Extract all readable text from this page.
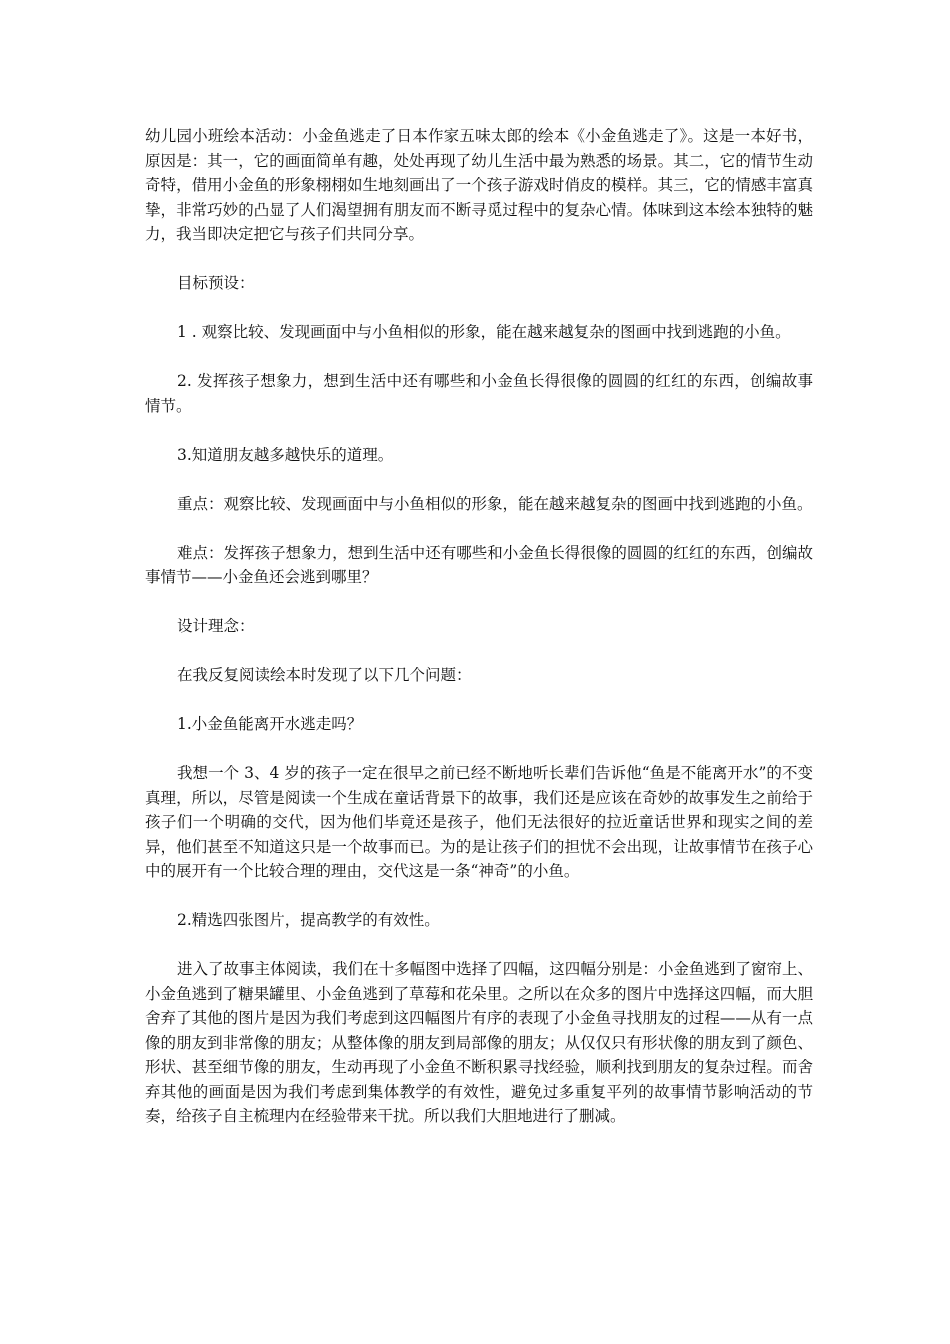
幼儿园小班绘本活动：小金鱼逃走了日本作家五味太郎的绘本《小金鱼逃走了》。这是一本好书，原因是：其一，它的画面简单有趣，处处再现了幼儿生活中最为熟悉的场景。其二，它的情节生动奇特，借用小金鱼的形象栩栩如生地刻画出了一个孩子游戏时俏皮的模样。其三，它的情感丰富真挚，非常巧妙的凸显了人们渴望拥有朋友而不断寻觅过程中的复杂心情。体味到这本绘本独特的魅力，我当即决定把它与孩子们共同分享。

目标预设：

1 . 观察比较、发现画面中与小鱼相似的形象，能在越来越复杂的图画中找到逃跑的小鱼。

2. 发挥孩子想象力，想到生活中还有哪些和小金鱼长得很像的圆圆的红红的东西，创编故事情节。

3.知道朋友越多越快乐的道理。

重点：观察比较、发现画面中与小鱼相似的形象，能在越来越复杂的图画中找到逃跑的小鱼。

难点：发挥孩子想象力，想到生活中还有哪些和小金鱼长得很像的圆圆的红红的东西，创编故事情节——小金鱼还会逃到哪里？

设计理念：

在我反复阅读绘本时发现了以下几个问题：

1.小金鱼能离开水逃走吗？

我想一个 3、4 岁的孩子一定在很早之前已经不断地听长辈们告诉他“鱼是不能离开水”的不变真理，所以，尽管是阅读一个生成在童话背景下的故事，我们还是应该在奇妙的故事发生之前给于孩子们一个明确的交代，因为他们毕竟还是孩子，他们无法很好的拉近童话世界和现实之间的差异，他们甚至不知道这只是一个故事而已。为的是让孩子们的担忧不会出现，让故事情节在孩子心中的展开有一个比较合理的理由，交代这是一条“神奇”的小鱼。

2.精选四张图片，提高教学的有效性。

进入了故事主体阅读，我们在十多幅图中选择了四幅，这四幅分别是：小金鱼逃到了窗帘上、小金鱼逃到了糖果罐里、小金鱼逃到了草莓和花朵里。之所以在众多的图片中选择这四幅，而大胆舍弃了其他的图片是因为我们考虑到这四幅图片有序的表现了小金鱼寻找朋友的过程——从有一点像的朋友到非常像的朋友；从整体像的朋友到局部像的朋友；从仅仅只有形状像的朋友到了颜色、形状、甚至细节像的朋友，生动再现了小金鱼不断积累寻找经验，顺利找到朋友的复杂过程。而舍弃其他的画面是因为我们考虑到集体教学的有效性，避免过多重复平列的故事情节影响活动的节奏，给孩子自主梳理内在经验带来干扰。所以我们大胆地进行了删减。
